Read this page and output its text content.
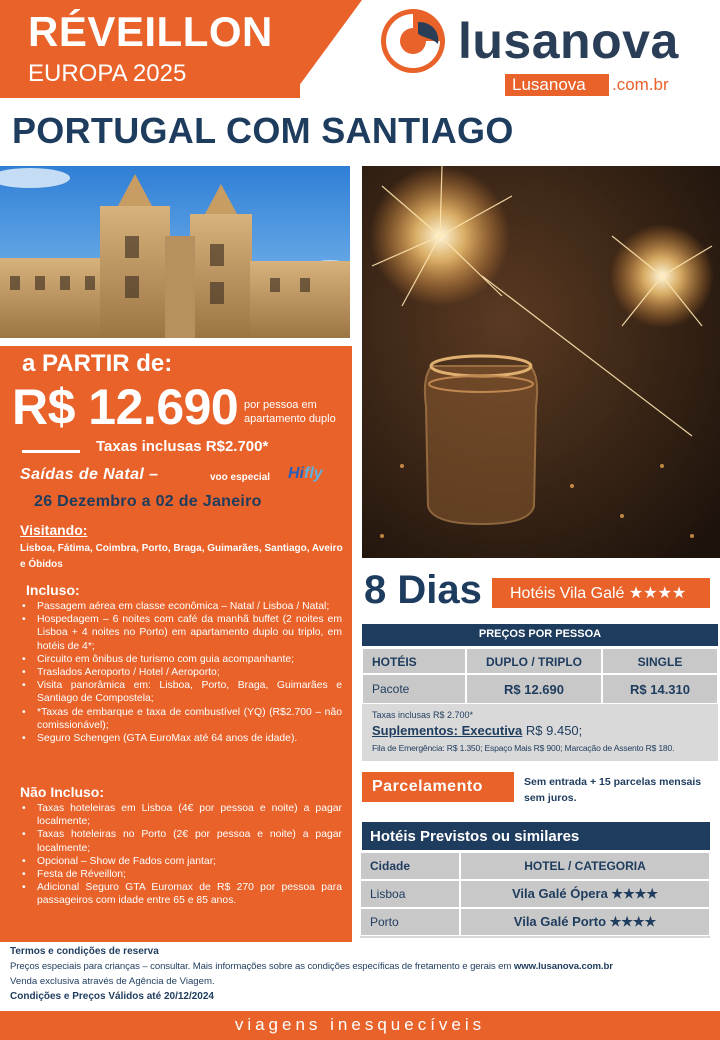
RÉVEILLON
EUROPA 2025
lusanova
Lusanova .com.br
PORTUGAL COM SANTIAGO
a PARTIR de:
R$ 12.690 por pessoa em apartamento duplo
Taxas inclusas R$2.700*
Saídas de Natal –	voo especial Hifly
26 Dezembro a 02 de Janeiro
Visitando:
Lisboa, Fátima, Coimbra, Porto, Braga, Guimarães, Santiago, Aveiro e Óbidos
Incluso:
• Passagem aérea em classe econômica – Natal / Lisboa / Natal;
• Hospedagem – 6 noites com café da manhã buffet (2 noites em Lisboa + 4 noites no Porto) em apartamento duplo ou triplo, em hotéis de 4*;
• Circuito em ônibus de turismo com guia acompanhante;
• Traslados Aeroporto / Hotel / Aeroporto;
• Visita panorâmica em: Lisboa, Porto, Braga, Guimarães e Santiago de Compostela;
• *Taxas de embarque e taxa de combustível (YQ) (R$2.700 – não comissionável);
• Seguro Schengen (GTA EuroMax até 64 anos de idade).
Não Incluso:
• Taxas hoteleiras em Lisboa (4€ por pessoa e noite) a pagar localmente;
• Taxas hoteleiras no Porto (2€ por pessoa e noite) a pagar localmente;
• Opcional – Show de Fados com jantar;
• Festa de Réveillon;
• Adicional Seguro GTA Euromax de R$ 270 por pessoa para passageiros com idade entre 65 e 85 anos.
8 Dias Hotéis Vila Galé ★★★★
PREÇOS POR PESSOA
HOTÉIS	DUPLO / TRIPLO	SINGLE
Pacote	R$ 12.690	R$ 14.310
Taxas inclusas R$ 2.700*
Suplementos: Executiva R$ 9.450;
Fila de Emergência: R$ 1.350; Espaço Mais R$ 900; Marcação de Assento R$ 180.
Parcelamento	Sem entrada + 15 parcelas mensais sem juros.
Hotéis Previstos ou similares
Cidade	HOTEL / CATEGORIA
Lisboa	Vila Galé Ópera ★★★★
Porto	Vila Galé Porto ★★★★
Termos e condições de reserva
Preços especiais para crianças – consultar. Mais informações sobre as condições específicas de fretamento e gerais em www.lusanova.com.br
Venda exclusiva através de Agência de Viagem.
Condições e Preços Válidos até 20/12/2024
viagens inesquecíveis
